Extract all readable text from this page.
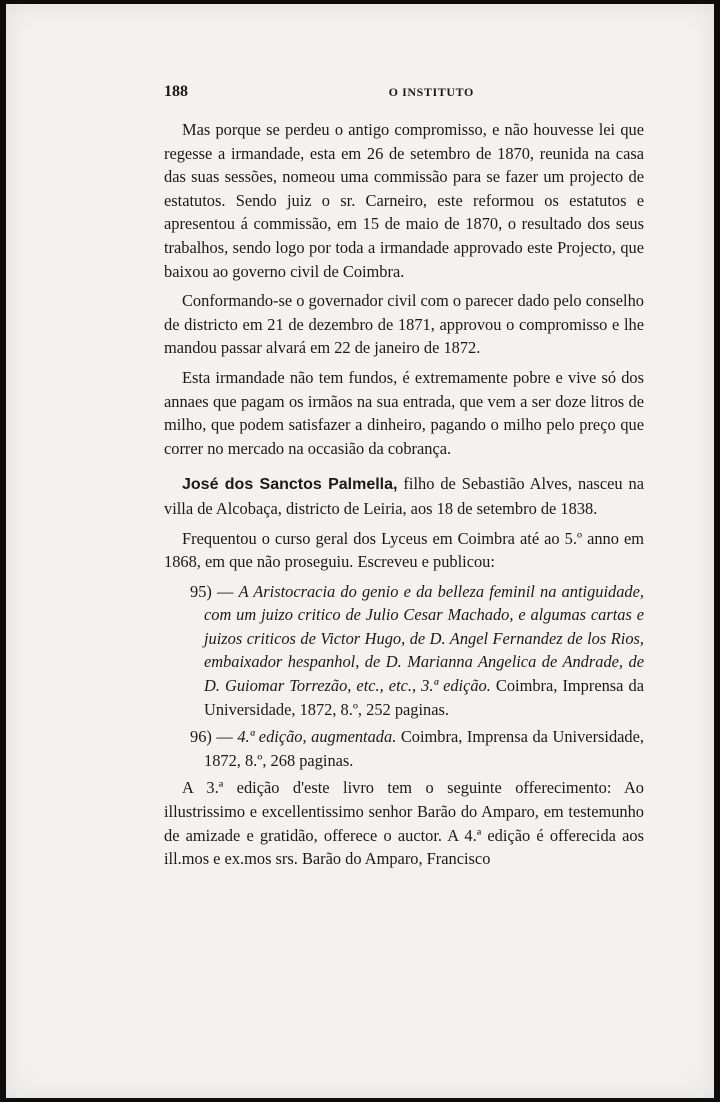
188	O INSTITUTO

Mas porque se perdeu o antigo compromisso, e não houvesse lei que regesse a irmandade, esta em 26 de setembro de 1870, reunida na casa das suas sessões, nomeou uma commissão para se fazer um projecto de estatutos. Sendo juiz o sr. Carneiro, este reformou os estatutos e apresentou á commissão, em 15 de maio de 1870, o resultado dos seus trabalhos, sendo logo por toda a irmandade approvado este Projecto, que baixou ao governo civil de Coimbra.

Conformando-se o governador civil com o parecer dado pelo conselho de districto em 21 de dezembro de 1871, approvou o compromisso e lhe mandou passar alvará em 22 de janeiro de 1872.

Esta irmandade não tem fundos, é extremamente pobre e vive só dos annaes que pagam os irmãos na sua entrada, que vem a ser doze litros de milho, que podem satisfazer a dinheiro, pagando o milho pelo preço que correr no mercado na occasião da cobrança.

José dos Sanctos Palmella, filho de Sebastião Alves, nasceu na villa de Alcobaça, districto de Leiria, aos 18 de setembro de 1838.

Frequentou o curso geral dos Lyceus em Coimbra até ao 5.º anno em 1868, em que não proseguiu. Escreveu e publicou:

95) — A Aristocracia do genio e da belleza feminil na antiguidade, com um juizo critico de Julio Cesar Machado, e algumas cartas e juizos criticos de Victor Hugo, de D. Angel Fernandez de los Rios, embaixador hespanhol, de D. Marianna Angelica de Andrade, de D. Guiomar Torrezão, etc., etc., 3.ª edição. Coimbra, Imprensa da Universidade, 1872, 8.º, 252 paginas.

96) — 4.ª edição, augmentada. Coimbra, Imprensa da Universidade, 1872, 8.º, 268 paginas.

A 3.ª edição d'este livro tem o seguinte offerecimento: Ao illustrissimo e excellentissimo senhor Barão do Amparo, em testemunho de amizade e gratidão, offerece o auctor. A 4.ª edição é offerecida aos ill.mos e ex.mos srs. Barão do Amparo, Francisco
